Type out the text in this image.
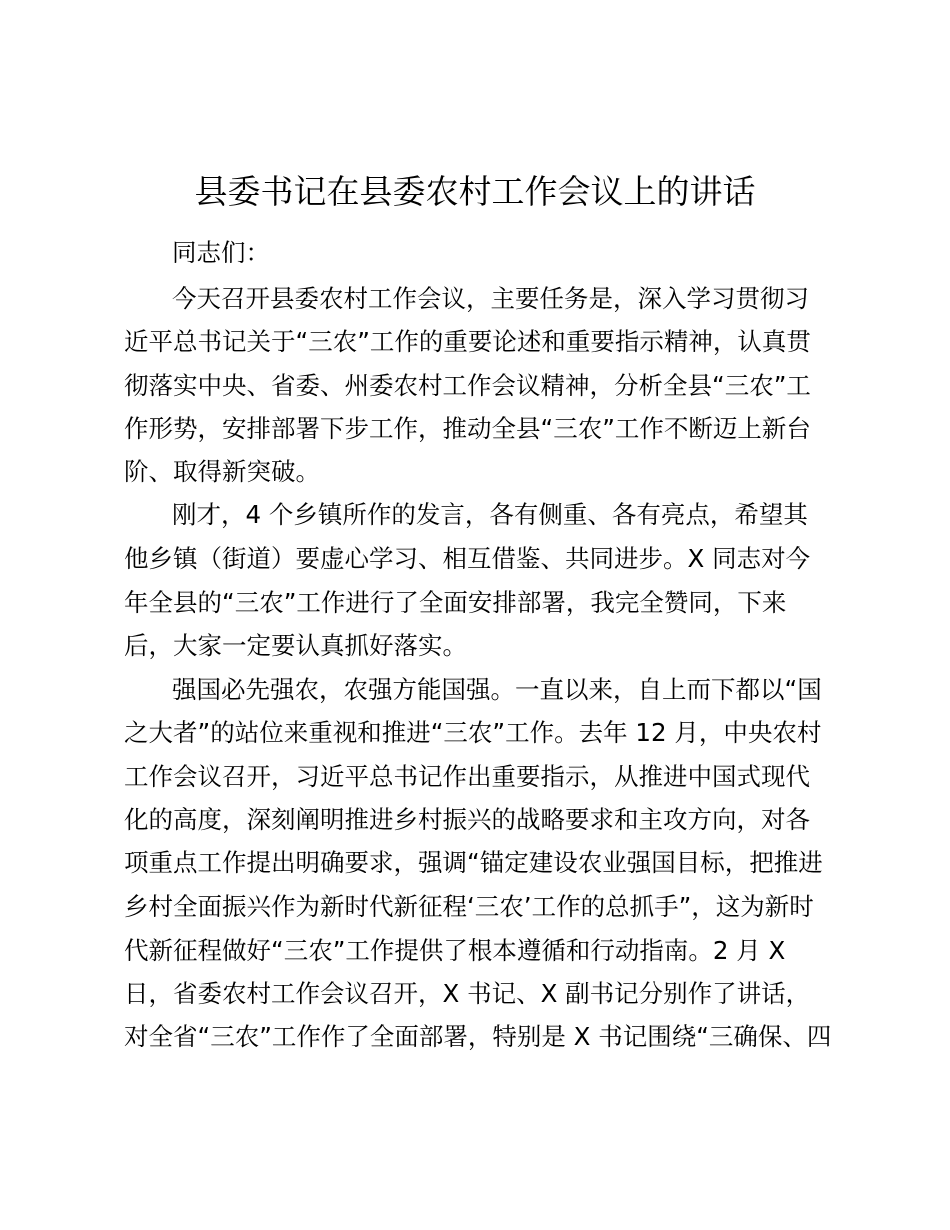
县委书记在县委农村工作会议上的讲话

同志们：

今天召开县委农村工作会议，主要任务是，深入学习贯彻习

近平总书记关于“三农”工作的重要论述和重要指示精神，认真贯

彻落实中央、省委、州委农村工作会议精神，分析全县“三农”工

作形势，安排部署下步工作，推动全县“三农”工作不断迈上新台

阶、取得新突破。

刚才，4 个乡镇所作的发言，各有侧重、各有亮点，希望其

他乡镇（街道）要虚心学习、相互借鉴、共同进步。X 同志对今

年全县的“三农”工作进行了全面安排部署，我完全赞同，下来

后，大家一定要认真抓好落实。

强国必先强农，农强方能国强。一直以来，自上而下都以“国

之大者”的站位来重视和推进“三农”工作。去年 12 月，中央农村

工作会议召开，习近平总书记作出重要指示，从推进中国式现代

化的高度，深刻阐明推进乡村振兴的战略要求和主攻方向，对各

项重点工作提出明确要求，强调“锚定建设农业强国目标，把推进

乡村全面振兴作为新时代新征程‘三农’工作的总抓手”，这为新时

代新征程做好“三农”工作提供了根本遵循和行动指南。2 月 X

日，省委农村工作会议召开，X 书记、X 副书记分别作了讲话，

对全省“三农”工作作了全面部署，特别是 X 书记围绕“三确保、四
